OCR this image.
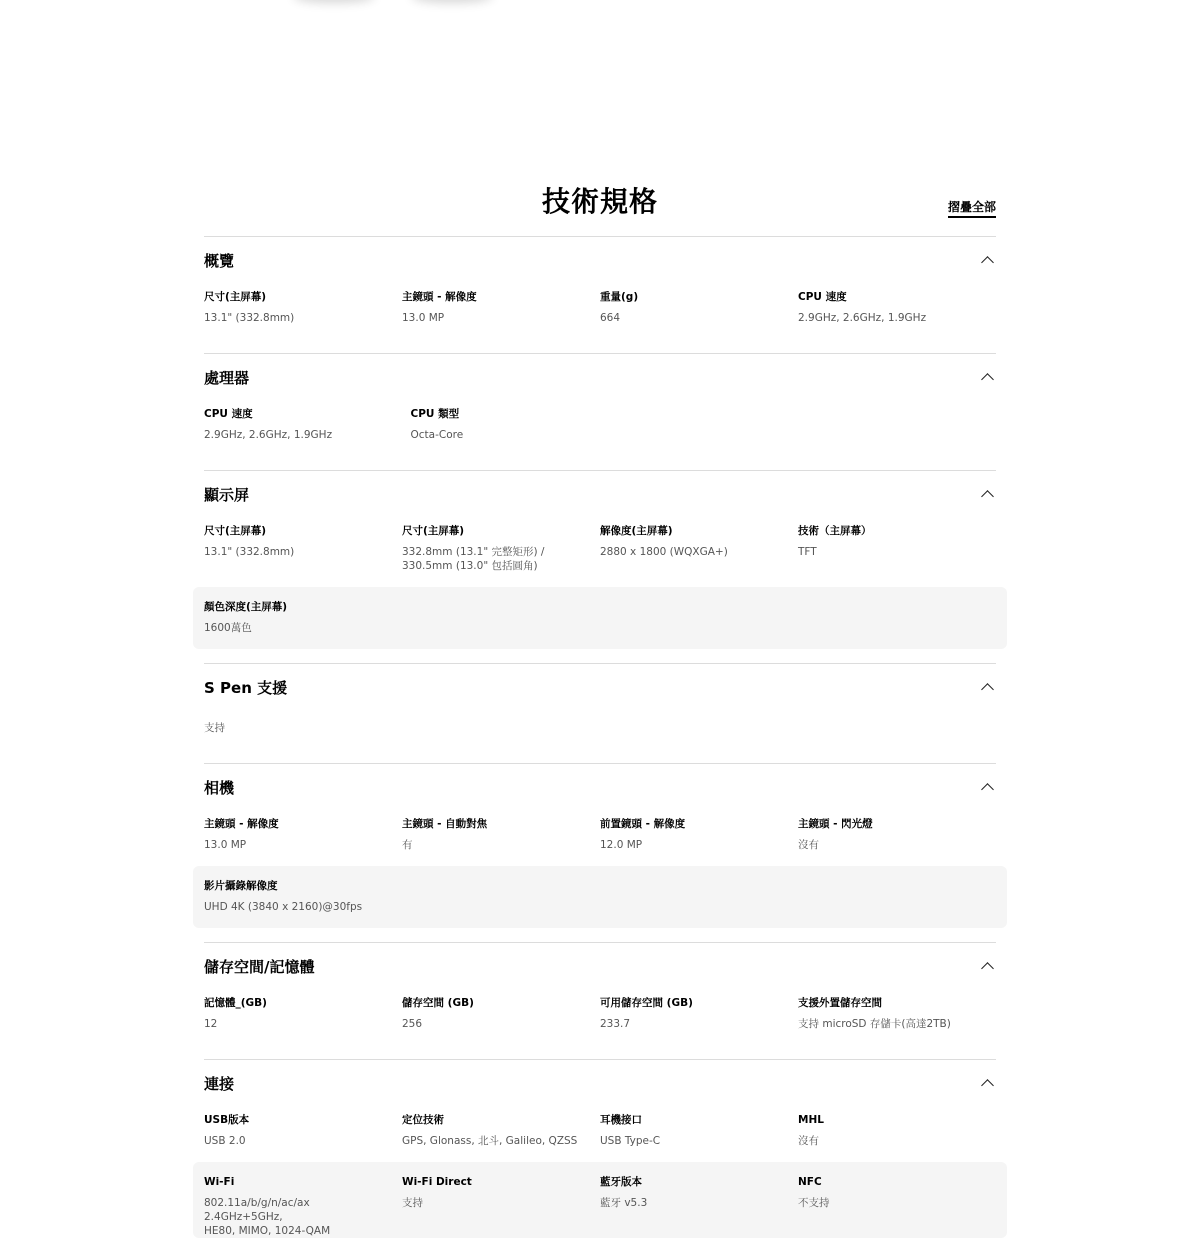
技術規格	摺疊全部
概覽
尺寸(主屏幕)
13.1" (332.8mm)
主鏡頭 - 解像度
13.0 MP
重量(g)
664
CPU 速度
2.9GHz, 2.6GHz, 1.9GHz
處理器
CPU 速度
2.9GHz, 2.6GHz, 1.9GHz
CPU 類型
Octa-Core
顯示屏
尺寸(主屏幕)
13.1" (332.8mm)
尺寸(主屏幕)
332.8mm (13.1" 完整矩形) /
330.5mm (13.0" 包括圓角)
解像度(主屏幕)
2880 x 1800 (WQXGA+)
技術（主屏幕）
TFT
顏色深度(主屏幕)
1600萬色
S Pen 支援
支持
相機
主鏡頭 - 解像度
13.0 MP
主鏡頭 - 自動對焦
有
前置鏡頭 - 解像度
12.0 MP
主鏡頭 - 閃光燈
沒有
影片攝錄解像度
UHD 4K (3840 x 2160)@30fps
儲存空間/記憶體
記憶體_(GB)
12
儲存空間 (GB)
256
可用儲存空間 (GB)
233.7
支援外置儲存空間
支持 microSD 存儲卡(高達2TB)
連接
USB版本
USB 2.0
定位技術
GPS, Glonass, 北斗, Galileo, QZSS
耳機接口
USB Type-C
MHL
沒有
Wi-Fi
802.11a/b/g/n/ac/ax 2.4GHz+5GHz,
HE80, MIMO, 1024-QAM
Wi-Fi Direct
支持
藍牙版本
藍牙 v5.3
NFC
不支持
